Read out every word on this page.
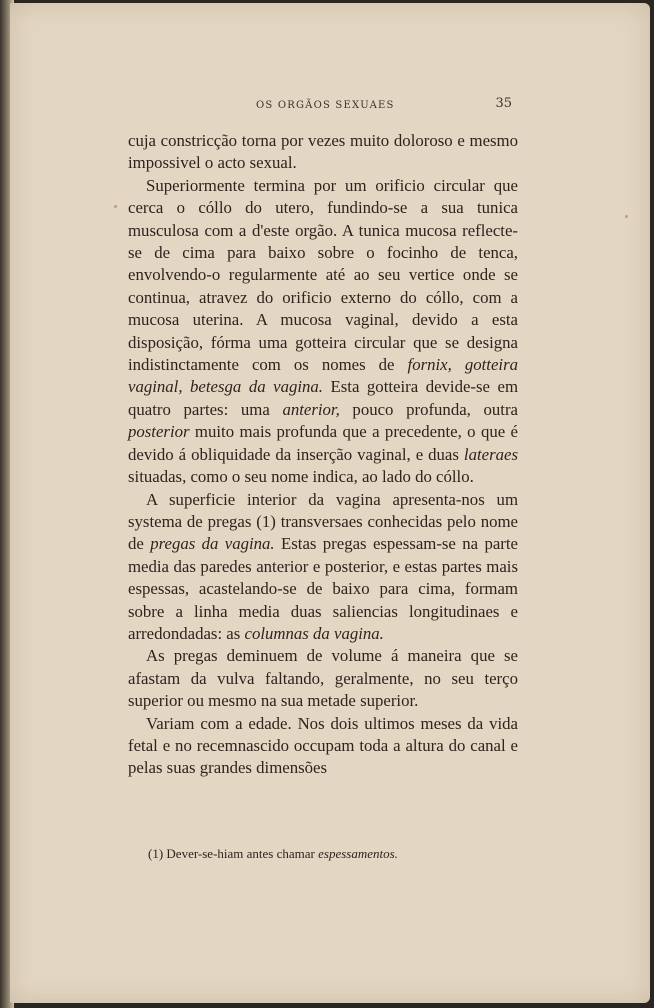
OS ORGÃOS SEXUAES	35

cuja constricção torna por vezes muito doloroso e mesmo impossivel o acto sexual.

Superiormente termina por um orificio circular que cerca o cóllo do utero, fundindo-se a sua tunica musculosa com a d'este orgão. A tunica mucosa reflecte-se de cima para baixo sobre o focinho de tenca, envolvendo-o regularmente até ao seu vertice onde se continua, atravez do orificio externo do cóllo, com a mucosa uterina. A mucosa vaginal, devido a esta disposição, fórma uma gotteira circular que se designa indistinctamente com os nomes de fornix, gotteira vaginal, betesga da vagina. Esta gotteira devide-se em quatro partes: uma anterior, pouco profunda, outra posterior muito mais profunda que a precedente, o que é devido á obliquidade da inserção vaginal, e duas lateraes situadas, como o seu nome indica, ao lado do cóllo.

A superficie interior da vagina apresenta-nos um systema de pregas (1) transversaes conhecidas pelo nome de pregas da vagina. Estas pregas espessam-se na parte media das paredes anterior e posterior, e estas partes mais espessas, acastelando-se de baixo para cima, formam sobre a linha media duas saliencias longitudinaes e arredondadas: as columnas da vagina.

As pregas deminuem de volume á maneira que se afastam da vulva faltando, geralmente, no seu terço superior ou mesmo na sua metade superior.

Variam com a edade. Nos dois ultimos meses da vida fetal e no recemnascido occupam toda a altura do canal e pelas suas grandes dimensões

(1) Dever-se-hiam antes chamar espessamentos.
